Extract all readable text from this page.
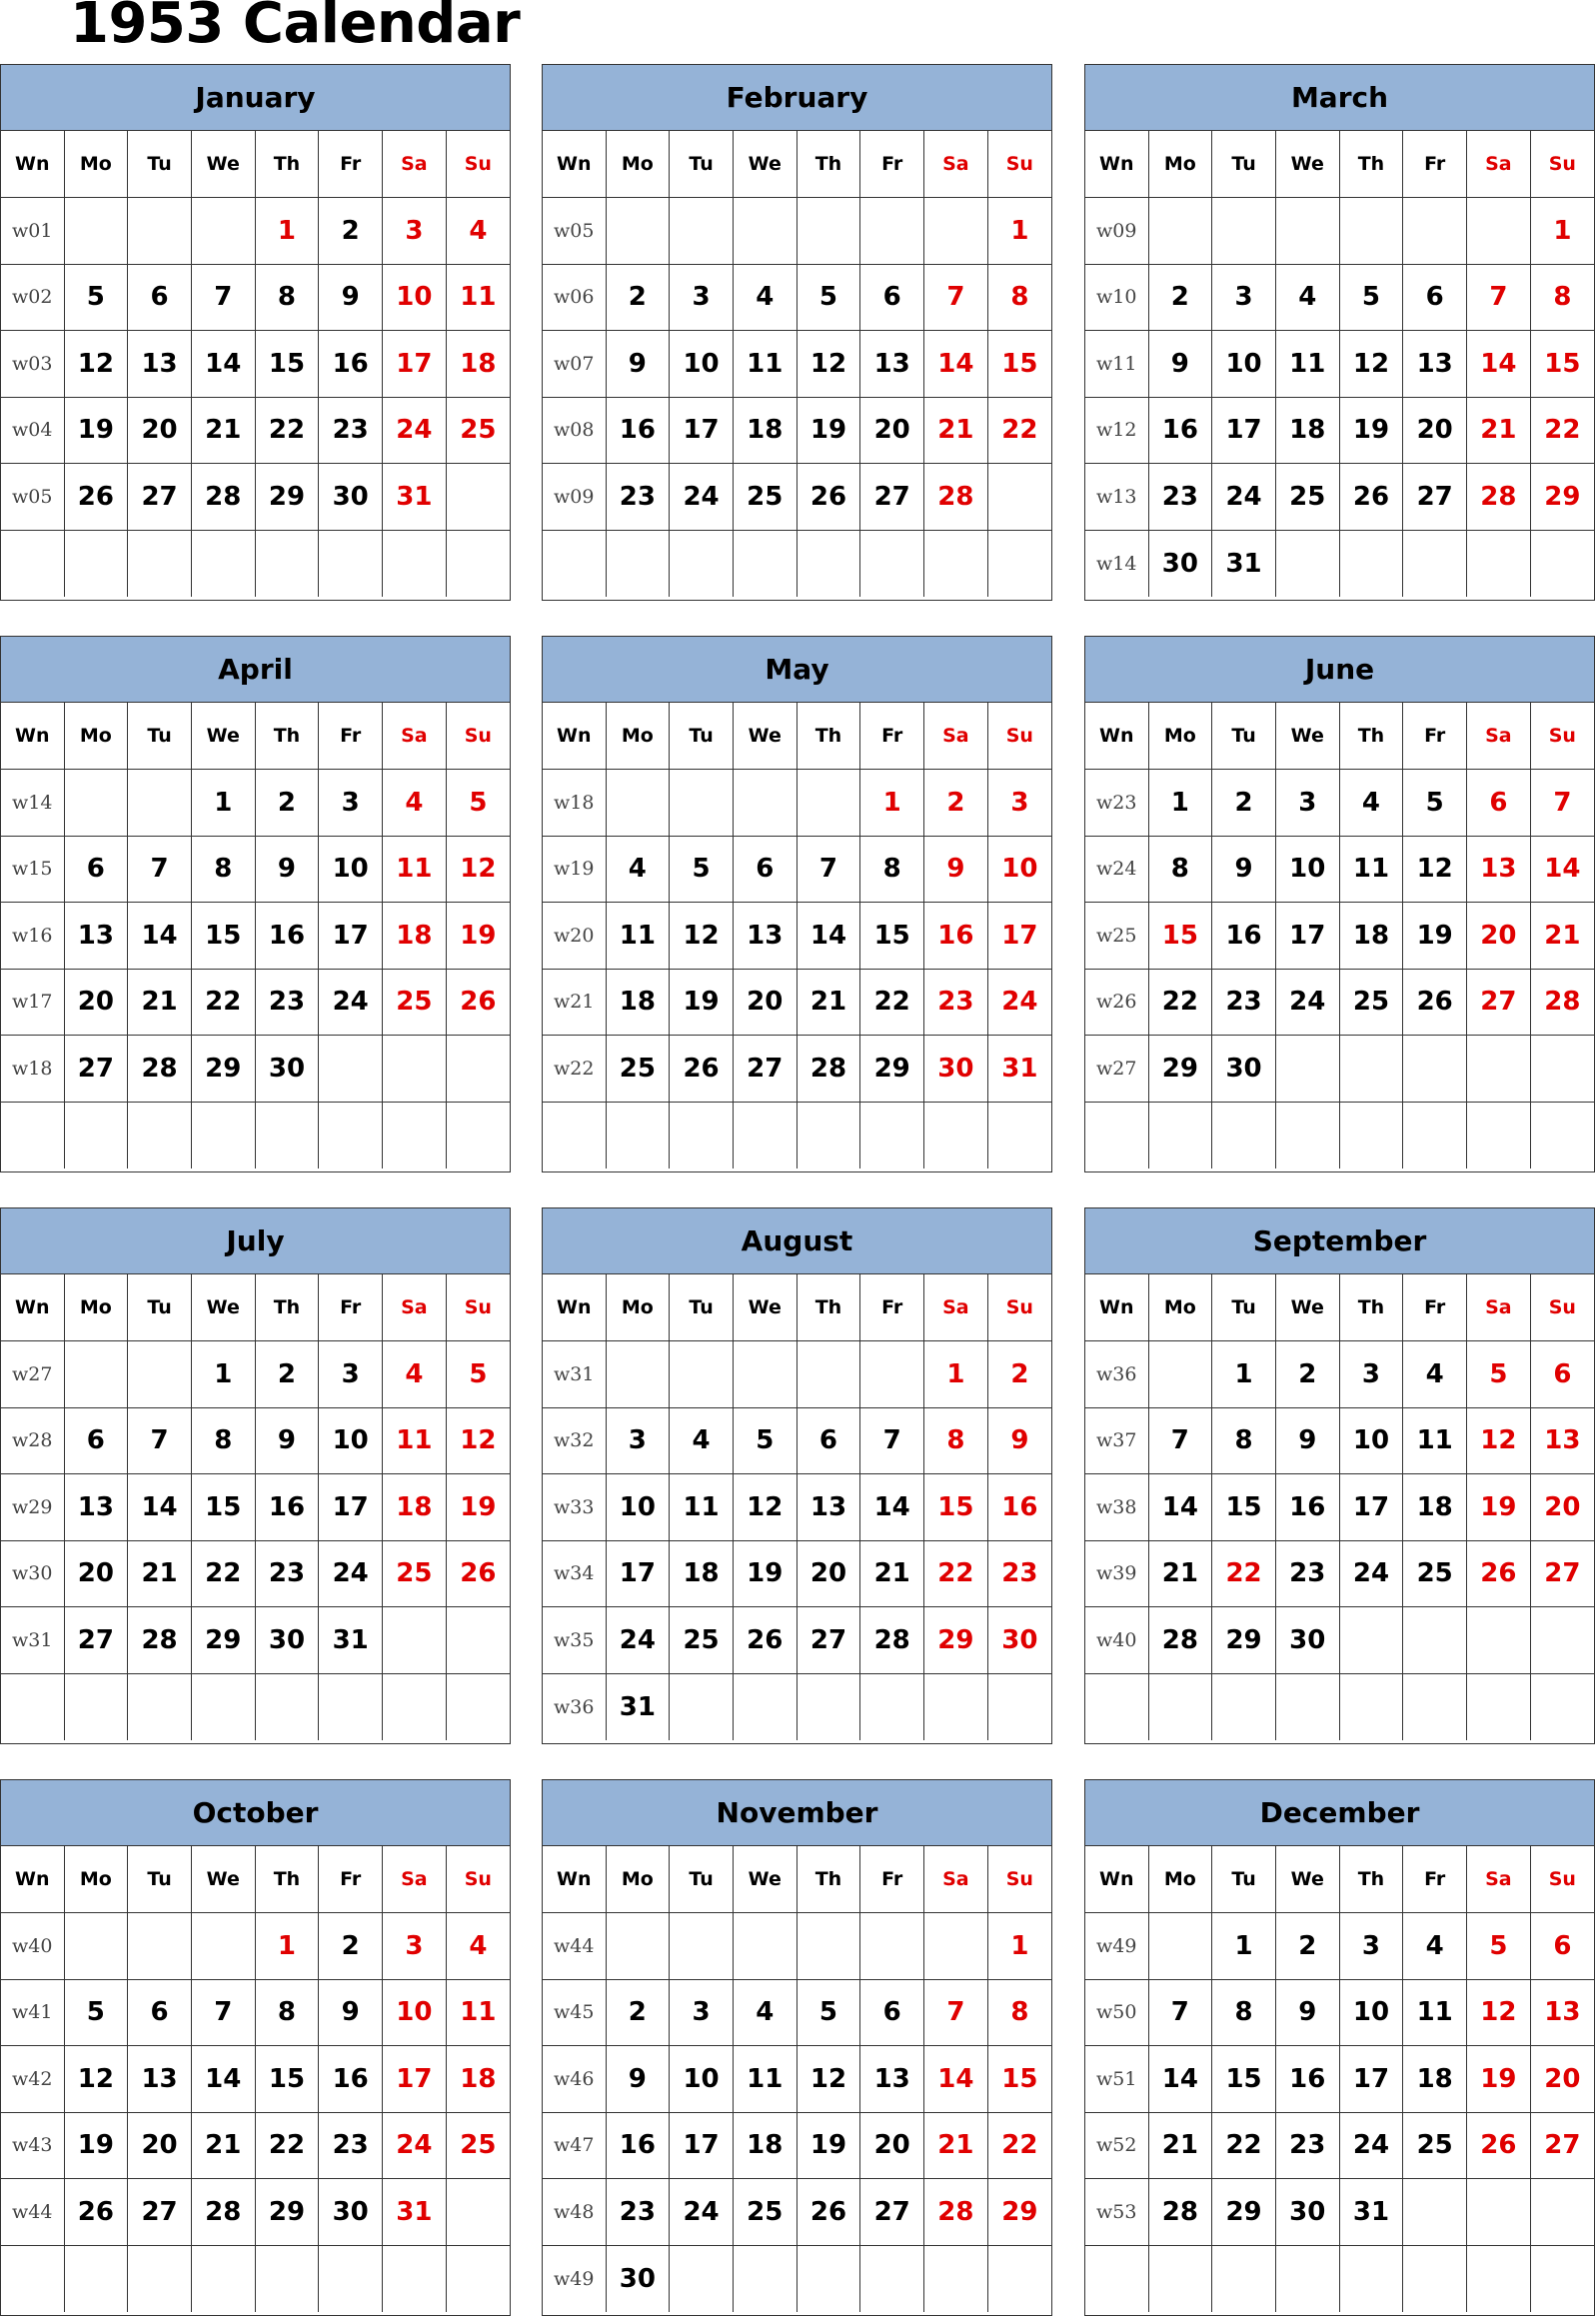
1953 Calendar
January
Wn	Mo	Tu	We	Th	Fr	Sa	Su
w01				1	2	3	4
w02	5	6	7	8	9	10	11
w03	12	13	14	15	16	17	18
w04	19	20	21	22	23	24	25
w05	26	27	28	29	30	31	

February
Wn	Mo	Tu	We	Th	Fr	Sa	Su
w05							1
w06	2	3	4	5	6	7	8
w07	9	10	11	12	13	14	15
w08	16	17	18	19	20	21	22
w09	23	24	25	26	27	28	

March
Wn	Mo	Tu	We	Th	Fr	Sa	Su
w09							1
w10	2	3	4	5	6	7	8
w11	9	10	11	12	13	14	15
w12	16	17	18	19	20	21	22
w13	23	24	25	26	27	28	29
w14	30	31					
April
Wn	Mo	Tu	We	Th	Fr	Sa	Su
w14			1	2	3	4	5
w15	6	7	8	9	10	11	12
w16	13	14	15	16	17	18	19
w17	20	21	22	23	24	25	26
w18	27	28	29	30			

May
Wn	Mo	Tu	We	Th	Fr	Sa	Su
w18					1	2	3
w19	4	5	6	7	8	9	10
w20	11	12	13	14	15	16	17
w21	18	19	20	21	22	23	24
w22	25	26	27	28	29	30	31

June
Wn	Mo	Tu	We	Th	Fr	Sa	Su
w23	1	2	3	4	5	6	7
w24	8	9	10	11	12	13	14
w25	15	16	17	18	19	20	21
w26	22	23	24	25	26	27	28
w27	29	30					

July
Wn	Mo	Tu	We	Th	Fr	Sa	Su
w27			1	2	3	4	5
w28	6	7	8	9	10	11	12
w29	13	14	15	16	17	18	19
w30	20	21	22	23	24	25	26
w31	27	28	29	30	31		

August
Wn	Mo	Tu	We	Th	Fr	Sa	Su
w31						1	2
w32	3	4	5	6	7	8	9
w33	10	11	12	13	14	15	16
w34	17	18	19	20	21	22	23
w35	24	25	26	27	28	29	30
w36	31						
September
Wn	Mo	Tu	We	Th	Fr	Sa	Su
w36		1	2	3	4	5	6
w37	7	8	9	10	11	12	13
w38	14	15	16	17	18	19	20
w39	21	22	23	24	25	26	27
w40	28	29	30				

October
Wn	Mo	Tu	We	Th	Fr	Sa	Su
w40				1	2	3	4
w41	5	6	7	8	9	10	11
w42	12	13	14	15	16	17	18
w43	19	20	21	22	23	24	25
w44	26	27	28	29	30	31	

November
Wn	Mo	Tu	We	Th	Fr	Sa	Su
w44							1
w45	2	3	4	5	6	7	8
w46	9	10	11	12	13	14	15
w47	16	17	18	19	20	21	22
w48	23	24	25	26	27	28	29
w49	30						
December
Wn	Mo	Tu	We	Th	Fr	Sa	Su
w49		1	2	3	4	5	6
w50	7	8	9	10	11	12	13
w51	14	15	16	17	18	19	20
w52	21	22	23	24	25	26	27
w53	28	29	30	31			
